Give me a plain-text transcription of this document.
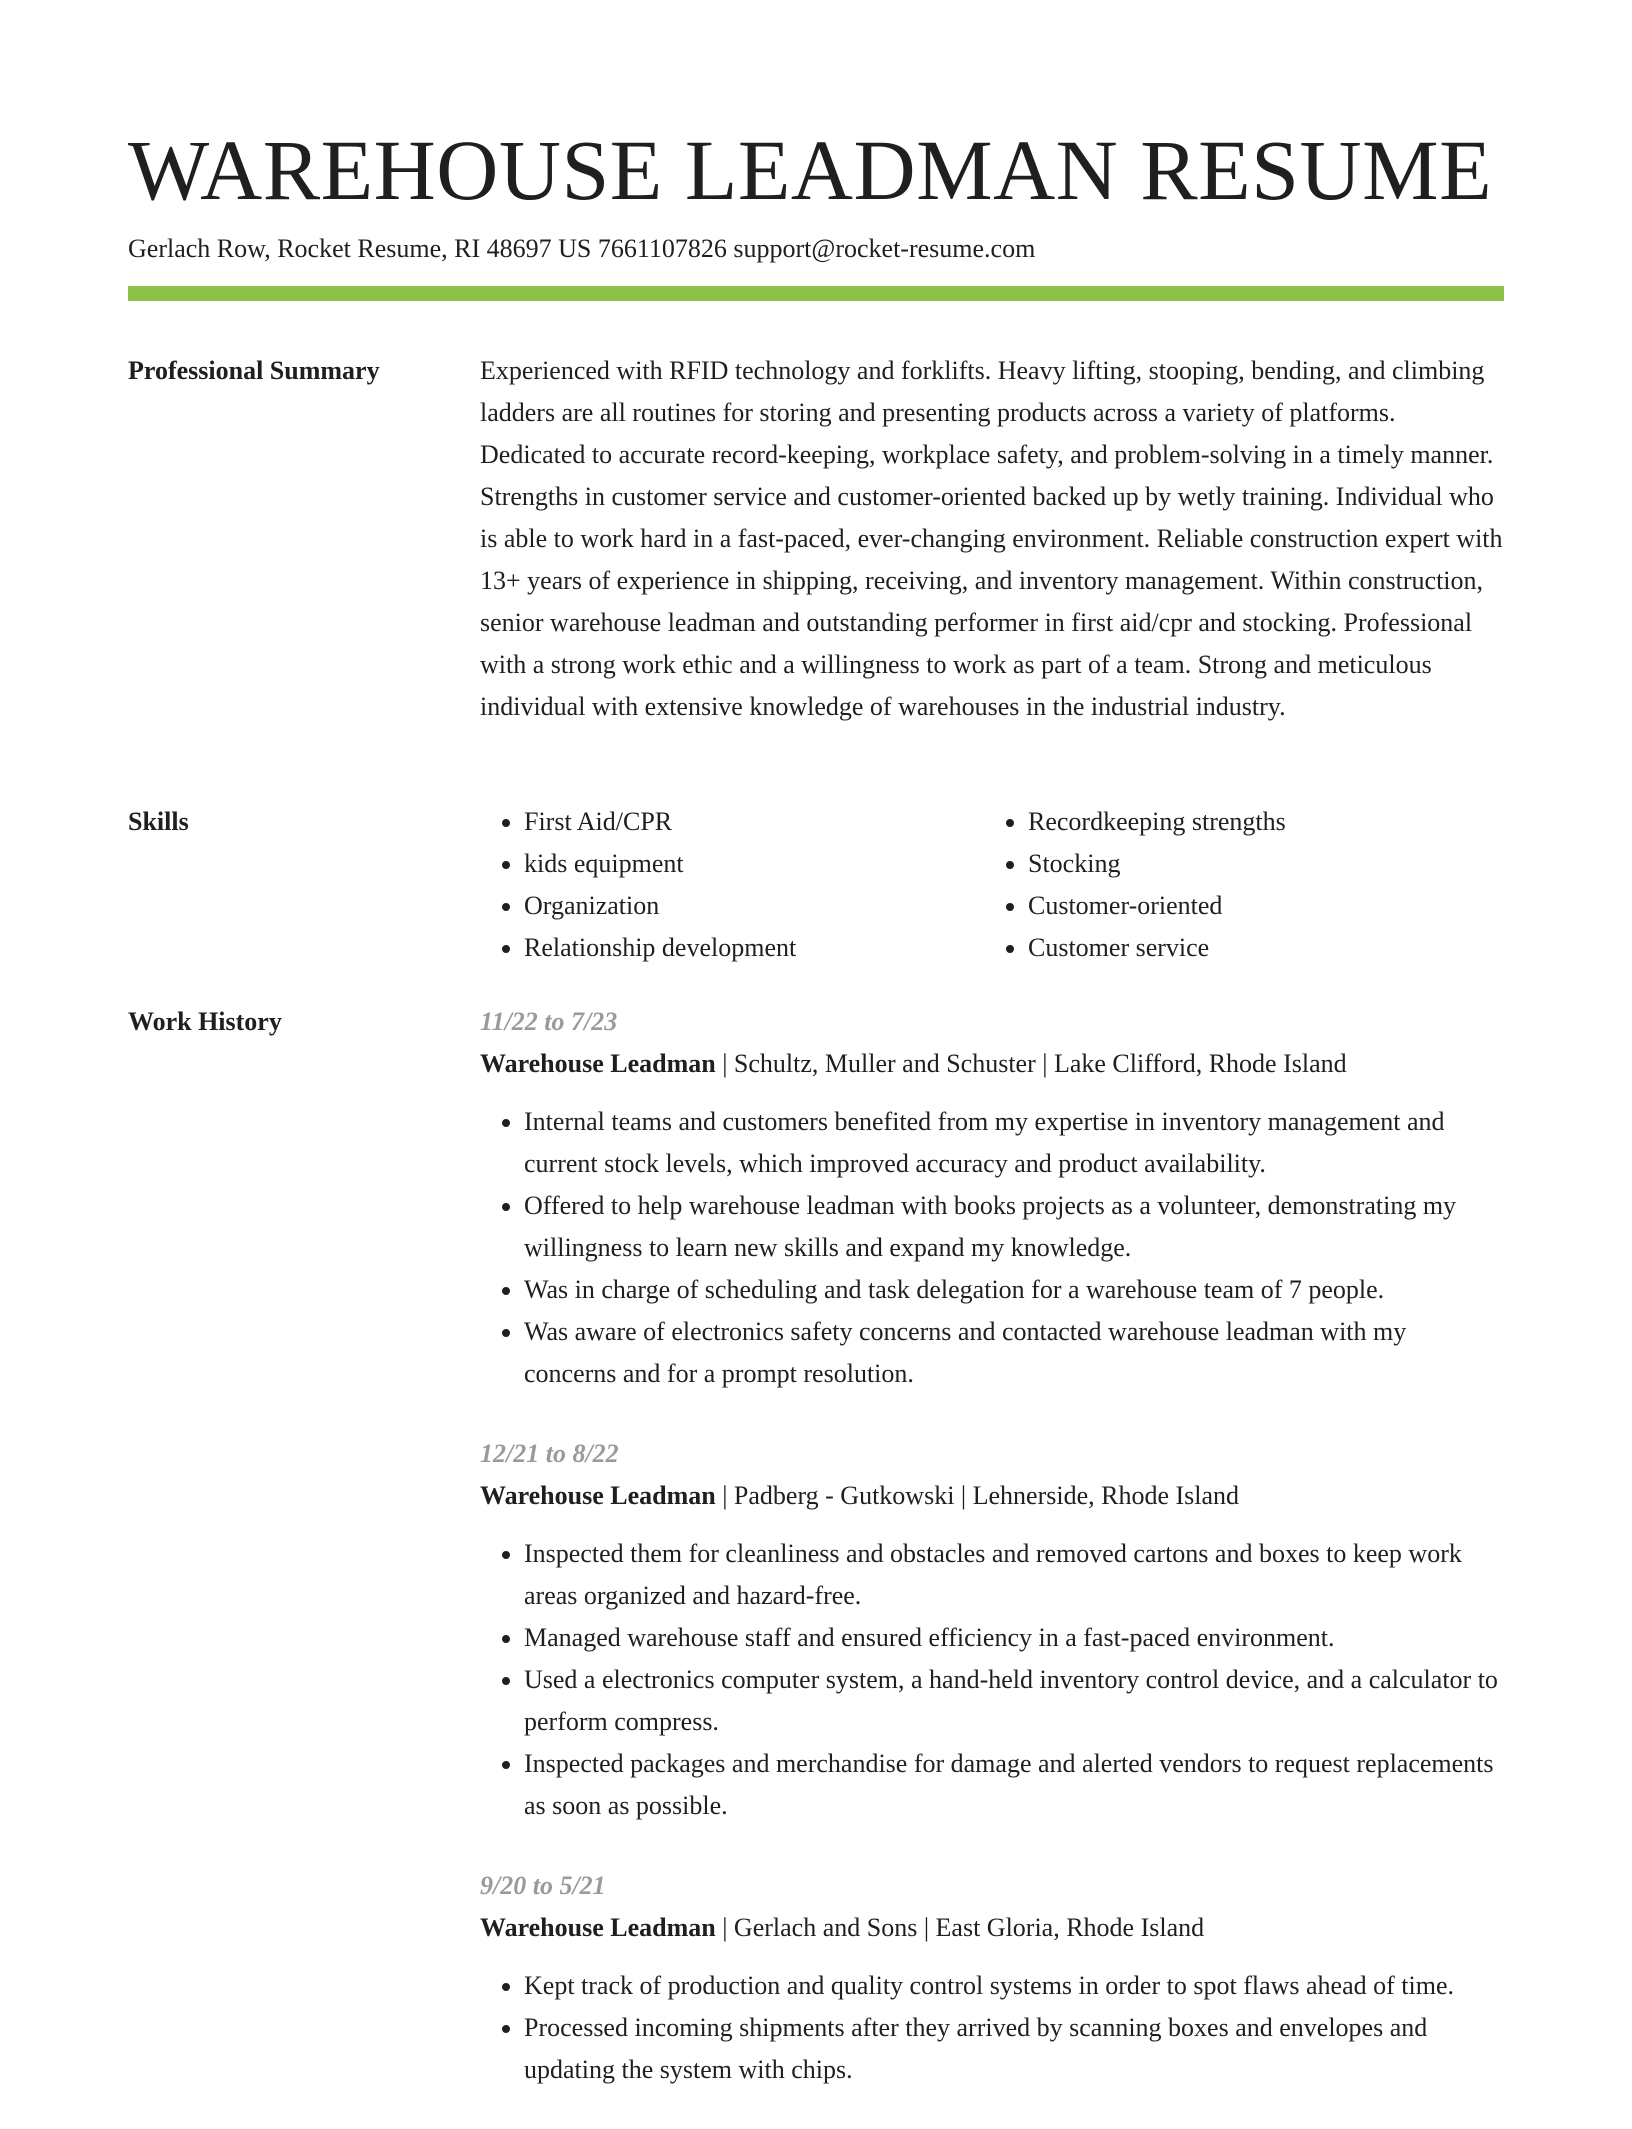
WAREHOUSE LEADMAN RESUME
Gerlach Row, Rocket Resume, RI 48697 US 7661107826 support@rocket-resume.com
Professional Summary	Experienced with RFID technology and forklifts. Heavy lifting, stooping, bending, and climbing ladders are all routines for storing and presenting products across a variety of platforms. Dedicated to accurate record-keeping, workplace safety, and problem-solving in a timely manner. Strengths in customer service and customer-oriented backed up by wetly training. Individual who is able to work hard in a fast-paced, ever-changing environment. Reliable construction expert with 13+ years of experience in shipping, receiving, and inventory management. Within construction, senior warehouse leadman and outstanding performer in first aid/cpr and stocking. Professional with a strong work ethic and a willingness to work as part of a team. Strong and meticulous individual with extensive knowledge of warehouses in the industrial industry.

Skills
•	First Aid/CPR
• kids equipment
• Organization
• Relationship development
• Recordkeeping strengths
• Stocking
• Customer-oriented
• Customer service
Work History	11/22 to 7/23
Warehouse Leadman | Schultz, Muller and Schuster | Lake Clifford, Rhode Island
• Internal teams and customers benefited from my expertise in inventory management and current stock levels, which improved accuracy and product availability.
• Offered to help warehouse leadman with books projects as a volunteer, demonstrating my willingness to learn new skills and expand my knowledge.
• Was in charge of scheduling and task delegation for a warehouse team of 7 people.
• Was aware of electronics safety concerns and contacted warehouse leadman with my concerns and for a prompt resolution.
12/21 to 8/22
Warehouse Leadman | Padberg - Gutkowski | Lehnerside, Rhode Island
• Inspected them for cleanliness and obstacles and removed cartons and boxes to keep work areas organized and hazard-free.
• Managed warehouse staff and ensured efficiency in a fast-paced environment.
• Used a electronics computer system, a hand-held inventory control device, and a calculator to perform compress.
• Inspected packages and merchandise for damage and alerted vendors to request replacements as soon as possible.
9/20 to 5/21
Warehouse Leadman | Gerlach and Sons | East Gloria, Rhode Island
• Kept track of production and quality control systems in order to spot flaws ahead of time.
• Processed incoming shipments after they arrived by scanning boxes and envelopes and updating the system with chips.
